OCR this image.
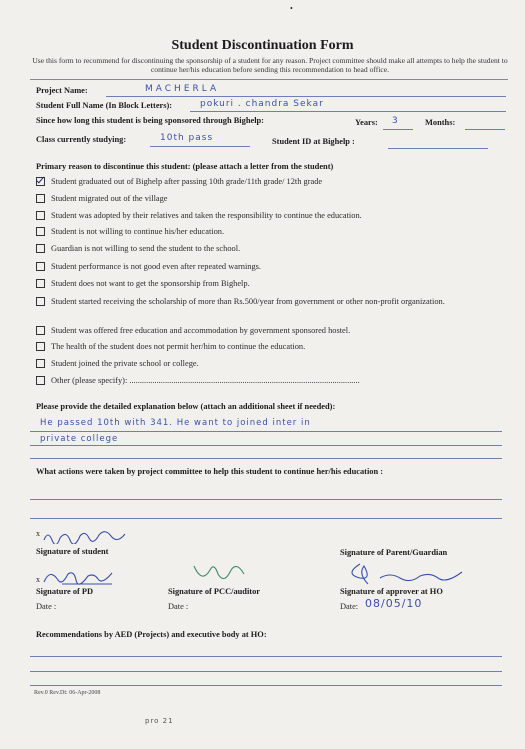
•
Student Discontinuation Form
Use this form to recommend for discontinuing the sponsorship of a student for any reason. Project committee should make all attempts to help the student to continue her/his education before sending this recommendation to head office.
Project Name:	MACHERLA
Student Full Name (In Block Letters):	pokuri . chandra Sekar
Since how long this student is being sponsored through Bighelp:	Years: 3	Months:
Class currently studying:	10th pass	Student ID at Bighelp :
Primary reason to discontinue this student: (please attach a letter from the student)
Student graduated out of Bighelp after passing 10th grade/11th grade/ 12th grade
Student migrated out of the village
Student was adopted by their relatives and taken the responsibility to continue the education.
Student is not willing to continue his/her education.
Guardian is not willing to send the student to the school.
Student performance is not good even after repeated warnings.
Student does not want to get the sponsorship from Bighelp.
Student started receiving the scholarship of more than Rs.500/year from government or other non-profit organization.
Student was offered free education and accommodation by government sponsored hostel.
The health of the student does not permit her/him to continue the education.
Student joined the private school or college.
Other (please specify): ..............................................................................................................
Please provide the detailed explanation below (attach an additional sheet if needed):
He passed 10th with 341. He want to joined inter in
private college
What actions were taken by project committee to help this student to continue her/his education :
x
Signature of student	Signature of Parent/Guardian
x
Signature of PD	Signature of PCC/auditor	Signature of approver at HO
Date :	Date :	Date: 08/05/10
Recommendations by AED (Projects) and executive body at HO:
Rev.0 Rev.Dt: 06-Apr-2008
pro 21
